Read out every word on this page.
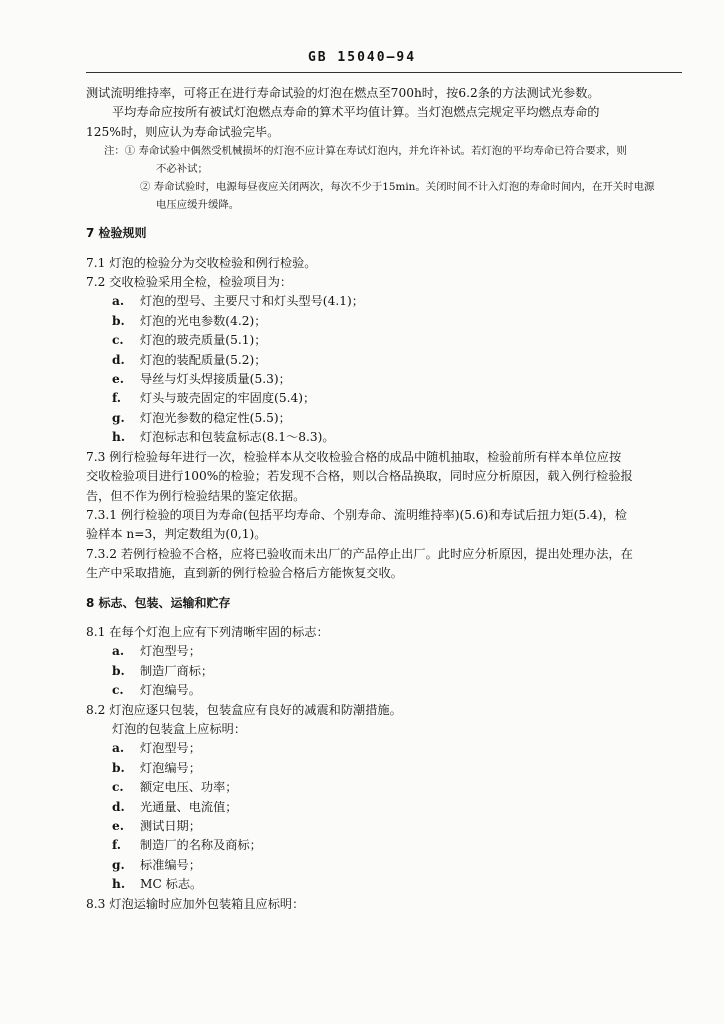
GB 15040—94

测试流明维持率，可将正在进行寿命试验的灯泡在燃点至700h时，按6.2条的方法测试光参数。

平均寿命应按所有被试灯泡燃点寿命的算术平均值计算。当灯泡燃点完规定平均燃点寿命的

125%时，则应认为寿命试验完毕。

注：① 寿命试验中偶然受机械损坏的灯泡不应计算在寿试灯泡内，并允许补试。若灯泡的平均寿命已符合要求，则

不必补试；

② 寿命试验时，电源每昼夜应关闭两次，每次不少于15min。关闭时间不计入灯泡的寿命时间内，在开关时电源

电压应缓升缓降。

7 检验规则

7.1 灯泡的检验分为交收检验和例行检验。

7.2 交收检验采用全检，检验项目为：

a.	灯泡的型号、主要尺寸和灯头型号(4.1)；
b.	灯泡的光电参数(4.2)；
c.	灯泡的玻壳质量(5.1)；
d.	灯泡的装配质量(5.2)；
e.	导丝与灯头焊接质量(5.3)；
f.	灯头与玻壳固定的牢固度(5.4)；
g.	灯泡光参数的稳定性(5.5)；
h.	灯泡标志和包装盒标志(8.1～8.3)。

7.3 例行检验每年进行一次，检验样本从交收检验合格的成品中随机抽取，检验前所有样本单位应按

交收检验项目进行100%的检验；若发现不合格，则以合格品换取，同时应分析原因，载入例行检验报

告，但不作为例行检验结果的鉴定依据。

7.3.1 例行检验的项目为寿命(包括平均寿命、个别寿命、流明维持率)(5.6)和寿试后扭力矩(5.4)，检

验样本 n=3，判定数组为(0,1)。

7.3.2 若例行检验不合格，应将已验收而未出厂的产品停止出厂。此时应分析原因，提出处理办法，在

生产中采取措施，直到新的例行检验合格后方能恢复交收。

8 标志、包装、运输和贮存

8.1 在每个灯泡上应有下列清晰牢固的标志：

a.	灯泡型号；
b.	制造厂商标；
c.	灯泡编号。

8.2 灯泡应逐只包装，包装盒应有良好的减震和防潮措施。

灯泡的包装盒上应标明：

a.	灯泡型号；
b.	灯泡编号；
c.	额定电压、功率；
d.	光通量、电流值；
e.	测试日期；
f.	制造厂的名称及商标；
g.	标准编号；
h.	MC 标志。

8.3 灯泡运输时应加外包装箱且应标明：
